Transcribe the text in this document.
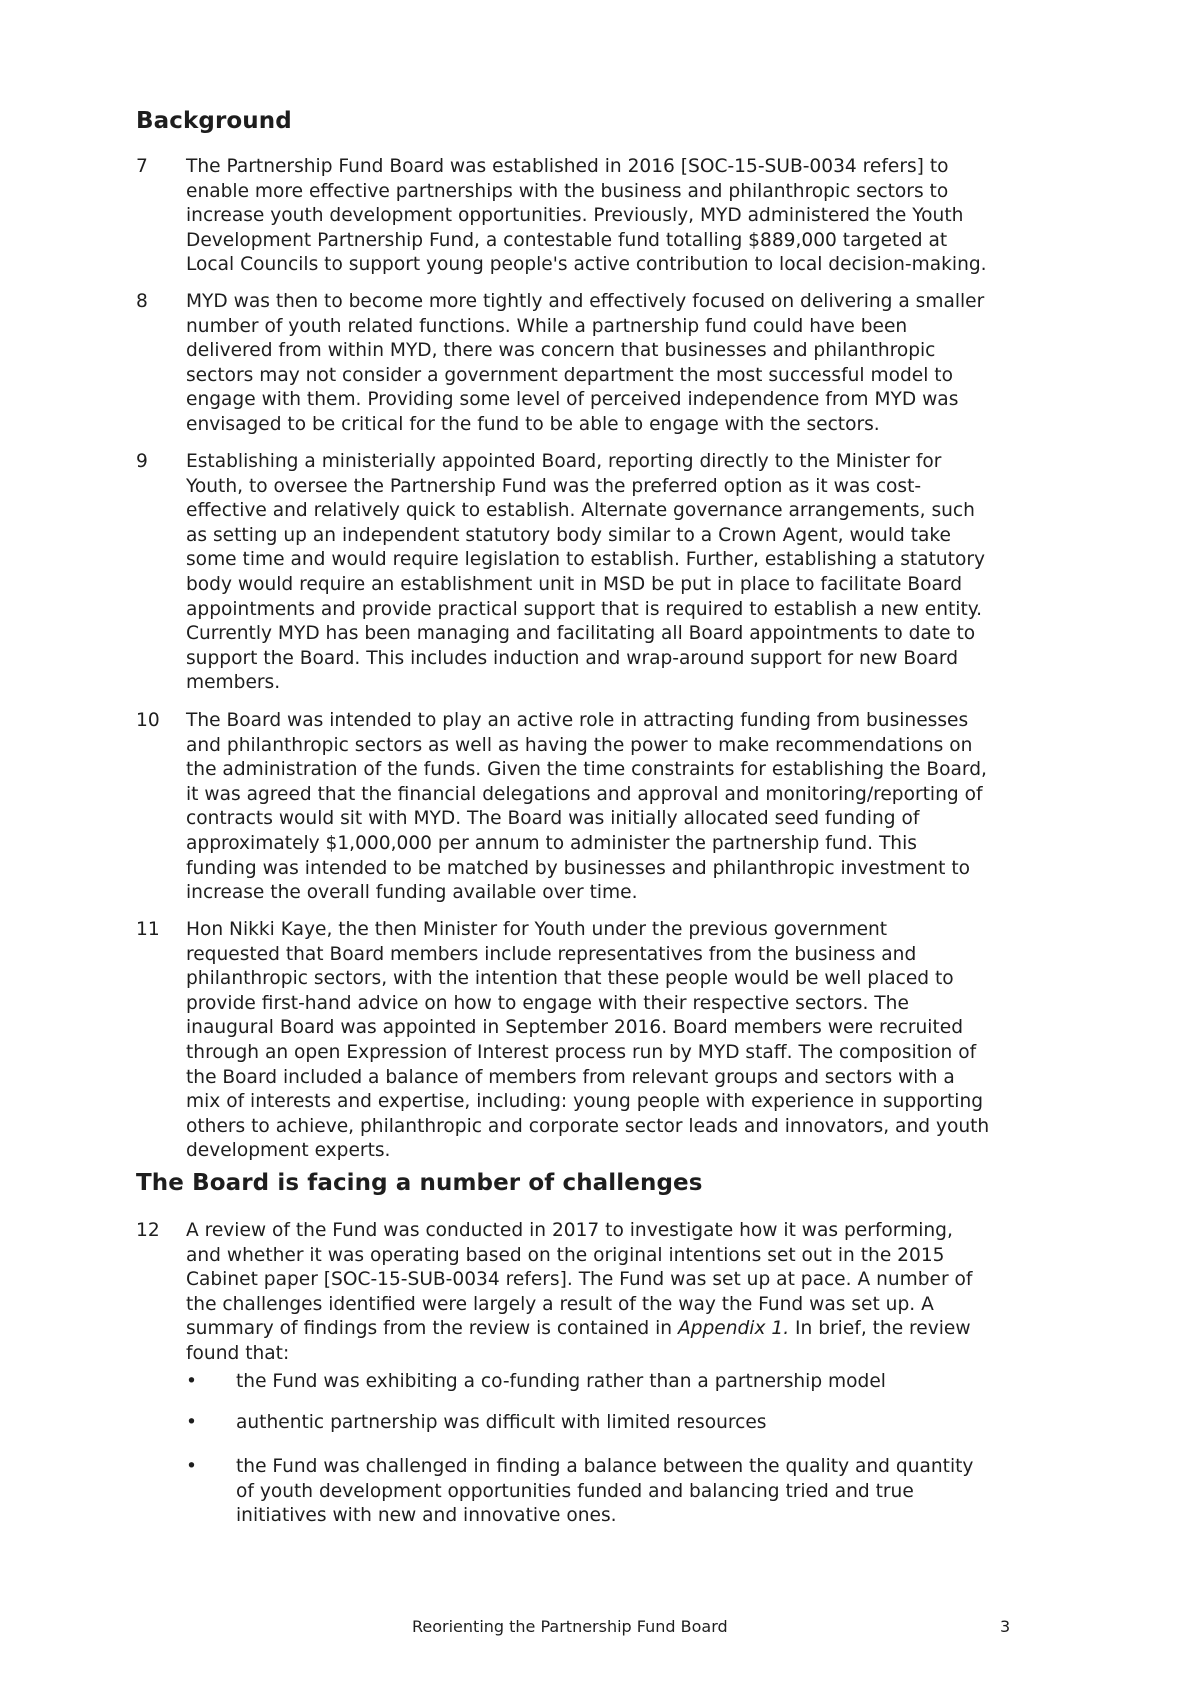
Background
7 The Partnership Fund Board was established in 2016 [SOC-15-SUB-0034 refers] to
enable more effective partnerships with the business and philanthropic sectors to
increase youth development opportunities. Previously, MYD administered the Youth
Development Partnership Fund, a contestable fund totalling $889,000 targeted at
Local Councils to support young people's active contribution to local decision-making.
8 MYD was then to become more tightly and effectively focused on delivering a smaller
number of youth related functions. While a partnership fund could have been
delivered from within MYD, there was concern that businesses and philanthropic
sectors may not consider a government department the most successful model to
engage with them. Providing some level of perceived independence from MYD was
envisaged to be critical for the fund to be able to engage with the sectors.
9 Establishing a ministerially appointed Board, reporting directly to the Minister for
Youth, to oversee the Partnership Fund was the preferred option as it was cost-
effective and relatively quick to establish. Alternate governance arrangements, such
as setting up an independent statutory body similar to a Crown Agent, would take
some time and would require legislation to establish. Further, establishing a statutory
body would require an establishment unit in MSD be put in place to facilitate Board
appointments and provide practical support that is required to establish a new entity.
Currently MYD has been managing and facilitating all Board appointments to date to
support the Board. This includes induction and wrap-around support for new Board
members.
10 The Board was intended to play an active role in attracting funding from businesses
and philanthropic sectors as well as having the power to make recommendations on
the administration of the funds. Given the time constraints for establishing the Board,
it was agreed that the financial delegations and approval and monitoring/reporting of
contracts would sit with MYD. The Board was initially allocated seed funding of
approximately $1,000,000 per annum to administer the partnership fund. This
funding was intended to be matched by businesses and philanthropic investment to
increase the overall funding available over time.
11 Hon Nikki Kaye, the then Minister for Youth under the previous government
requested that Board members include representatives from the business and
philanthropic sectors, with the intention that these people would be well placed to
provide first-hand advice on how to engage with their respective sectors. The
inaugural Board was appointed in September 2016. Board members were recruited
through an open Expression of Interest process run by MYD staff. The composition of
the Board included a balance of members from relevant groups and sectors with a
mix of interests and expertise, including: young people with experience in supporting
others to achieve, philanthropic and corporate sector leads and innovators, and youth
development experts.
The Board is facing a number of challenges
12 A review of the Fund was conducted in 2017 to investigate how it was performing,
and whether it was operating based on the original intentions set out in the 2015
Cabinet paper [SOC-15-SUB-0034 refers]. The Fund was set up at pace. A number of
the challenges identified were largely a result of the way the Fund was set up. A
summary of findings from the review is contained in Appendix 1. In brief, the review
found that:
• the Fund was exhibiting a co-funding rather than a partnership model
• authentic partnership was difficult with limited resources
• the Fund was challenged in finding a balance between the quality and quantity
of youth development opportunities funded and balancing tried and true
initiatives with new and innovative ones.
Reorienting the Partnership Fund Board	3
